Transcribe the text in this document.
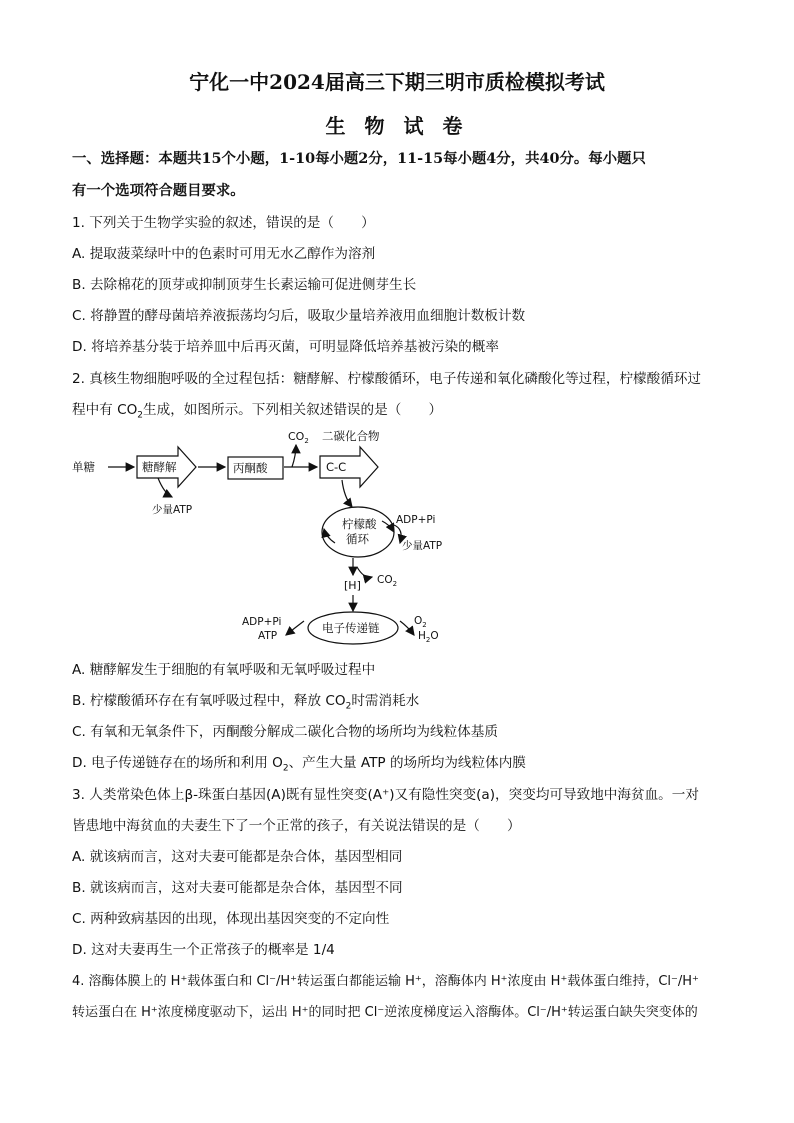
宁化一中2024届高三下期三明市质检模拟考试
生 物 试 卷
一、选择题：本题共15个小题，1-10每小题2分，11-15每小题4分，共40分。每小题只
有一个选项符合题目要求。
1. 下列关于生物学实验的叙述，错误的是（　　）
A. 提取菠菜绿叶中的色素时可用无水乙醇作为溶剂
B. 去除棉花的顶芽或抑制顶芽生长素运输可促进侧芽生长
C. 将静置的酵母菌培养液振荡均匀后，吸取少量培养液用血细胞计数板计数
D. 将培养基分装于培养皿中后再灭菌，可明显降低培养基被污染的概率
2. 真核生物细胞呼吸的全过程包括：糖酵解、柠檬酸循环，电子传递和氧化磷酸化等过程，柠檬酸循环过
程中有 $CO_2$生成，如图所示。下列相关叙述错误的是（　　）
单糖	糖酵解	丙酮酸	C-C
$CO_2$ 二碳化合物
少量ATP
柠檬酸
循环
ADP+Pi
少量ATP
[H] $CO_2$
电子传递链
ADP+Pi
ATP
$O_2$
$H_2O$
A. 糖酵解发生于细胞的有氧呼吸和无氧呼吸过程中
B. 柠檬酸循环存在有氧呼吸过程中，释放 $CO_2$时需消耗水
C. 有氧和无氧条件下，丙酮酸分解成二碳化合物的场所均为线粒体基质
D. 电子传递链存在的场所和利用 $O_2$、产生大量 ATP 的场所均为线粒体内膜
3. 人类常染色体上β-珠蛋白基因(A)既有显性突变(A⁺)又有隐性突变(a)，突变均可导致地中海贫血。一对
皆患地中海贫血的夫妻生下了一个正常的孩子，有关说法错误的是（　　）
A. 就该病而言，这对夫妻可能都是杂合体，基因型相同
B. 就该病而言，这对夫妻可能都是杂合体，基因型不同
C. 两种致病基因的出现，体现出基因突变的不定向性
D. 这对夫妻再生一个正常孩子的概率是 1/4
4. 溶酶体膜上的 H⁺载体蛋白和 Cl⁻/H⁺转运蛋白都能运输 H⁺，溶酶体内 H⁺浓度由 H⁺载体蛋白维持，Cl⁻/H⁺
转运蛋白在 H⁺浓度梯度驱动下，运出 H⁺的同时把 Cl⁻逆浓度梯度运入溶酶体。Cl⁻/H⁺转运蛋白缺失突变体的
